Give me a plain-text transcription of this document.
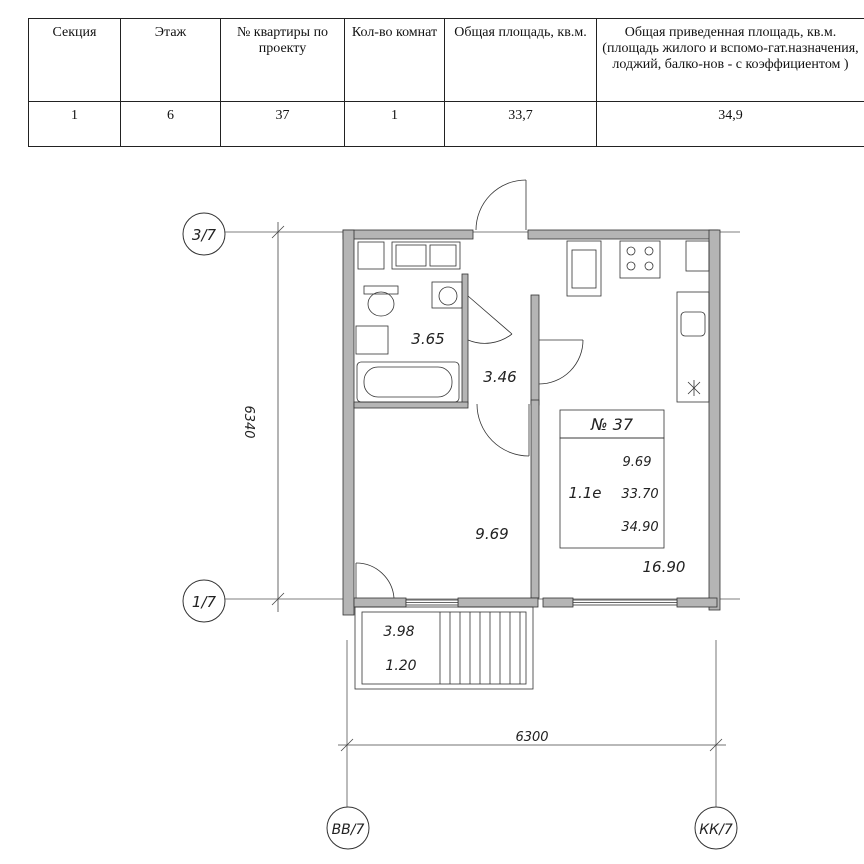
Секция	Этаж	№ квартиры по проекту	Кол-во комнат	Общая площадь, кв.м.	Общая приведенная площадь, кв.м.(площадь жилого и вспомо-гат.назначения, лоджий, балко-нов - с коэффициентом )
1	6	37	1	33,7	34,9
3/7
1/7
ВВ/7	КК/7
6340
6300
3.65
3.46
9.69
16.90
3.98
1.20
№ 37
9.69
1.1е 33.70
34.90
